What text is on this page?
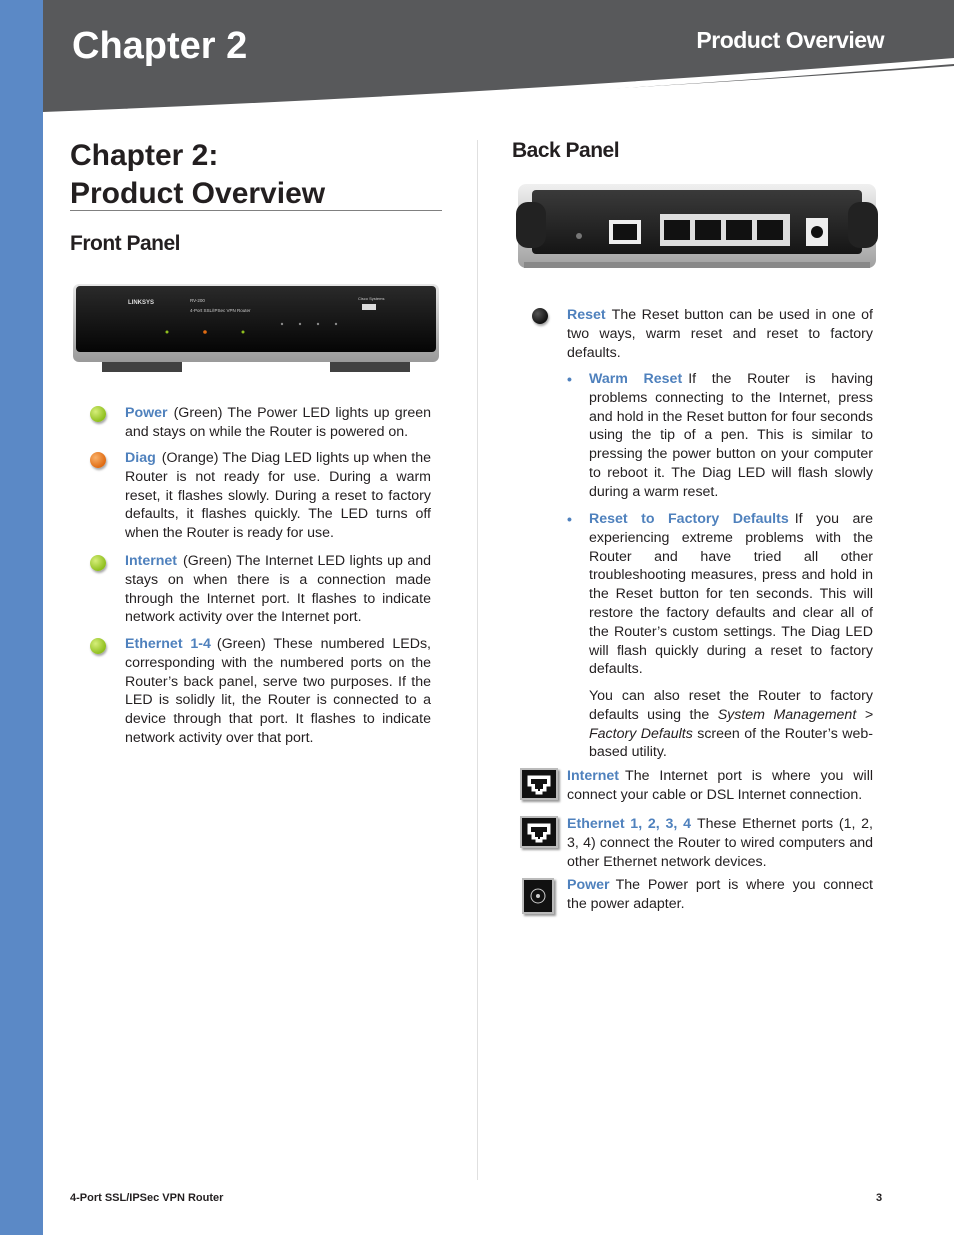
Chapter 2	Product Overview
Chapter 2:
Product Overview
Front Panel
LINKSYS	RV-200
4-Port SSL/IPSec VPN Router
Cisco Systems
Power (Green) The Power LED lights up green and stays on while the Router is powered on.
Diag (Orange) The Diag LED lights up when the Router is not ready for use. During a warm reset, it flashes slowly. During a reset to factory defaults, it flashes quickly. The LED turns off when the Router is ready for use.
Internet (Green) The Internet LED lights up and stays on when there is a connection made through the Internet port. It flashes to indicate network activity over the Internet port.
Ethernet 1-4 (Green) These numbered LEDs, corresponding with the numbered ports on the Router’s back panel, serve two purposes. If the LED is solidly lit, the Router is connected to a device through that port. It flashes to indicate network activity over that port.
Back Panel
Reset The Reset button can be used in one of two ways, warm reset and reset to factory defaults.
• Warm Reset If the Router is having problems connecting to the Internet, press and hold in the Reset button for four seconds using the tip of a pen. This is similar to pressing the power button on your computer to reboot it. The Diag LED will flash slowly during a warm reset.
• Reset to Factory Defaults If you are experiencing extreme problems with the Router and have tried all other troubleshooting measures, press and hold in the Reset button for ten seconds. This will restore the factory defaults and clear all of the Router’s custom settings. The Diag LED will flash quickly during a reset to factory defaults.
You can also reset the Router to factory defaults using the System Management > Factory Defaults screen of the Router’s web-based utility.
Internet The Internet port is where you will connect your cable or DSL Internet connection.
Ethernet 1, 2, 3, 4 These Ethernet ports (1, 2, 3, 4) connect the Router to wired computers and other Ethernet network devices.
Power The Power port is where you connect the power adapter.
4-Port SSL/IPSec VPN Router	3
